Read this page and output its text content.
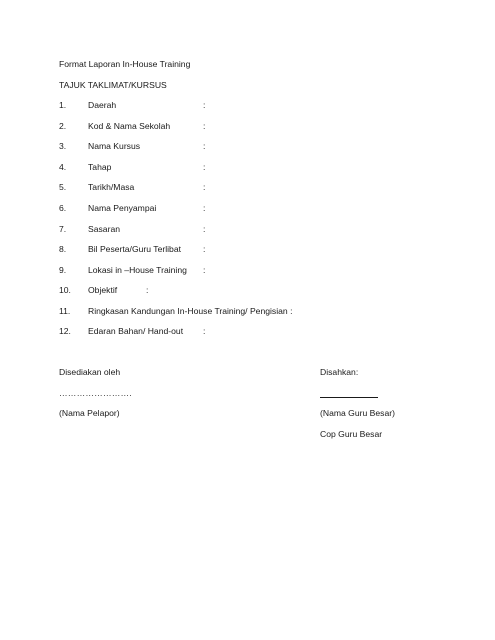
Format Laporan In-House Training
TAJUK TAKLIMAT/KURSUS
1.	Daerah	:
2.	Kod & Nama Sekolah	:
3.	Nama Kursus	:
4.	Tahap	:
5.	Tarikh/Masa	:
6.	Nama Penyampai	:
7.	Sasaran	:
8.	Bil Peserta/Guru Terlibat	:
9.	Lokasi in –House Training :
10. Objektif	:
11. Ringkasan Kandungan In-House Training/ Pengisian :
12. Edaran Bahan/ Hand-out :
Disediakan oleh
…………………….
(Nama Pelapor)
Disahkan:
(Nama Guru Besar)
Cop Guru Besar
